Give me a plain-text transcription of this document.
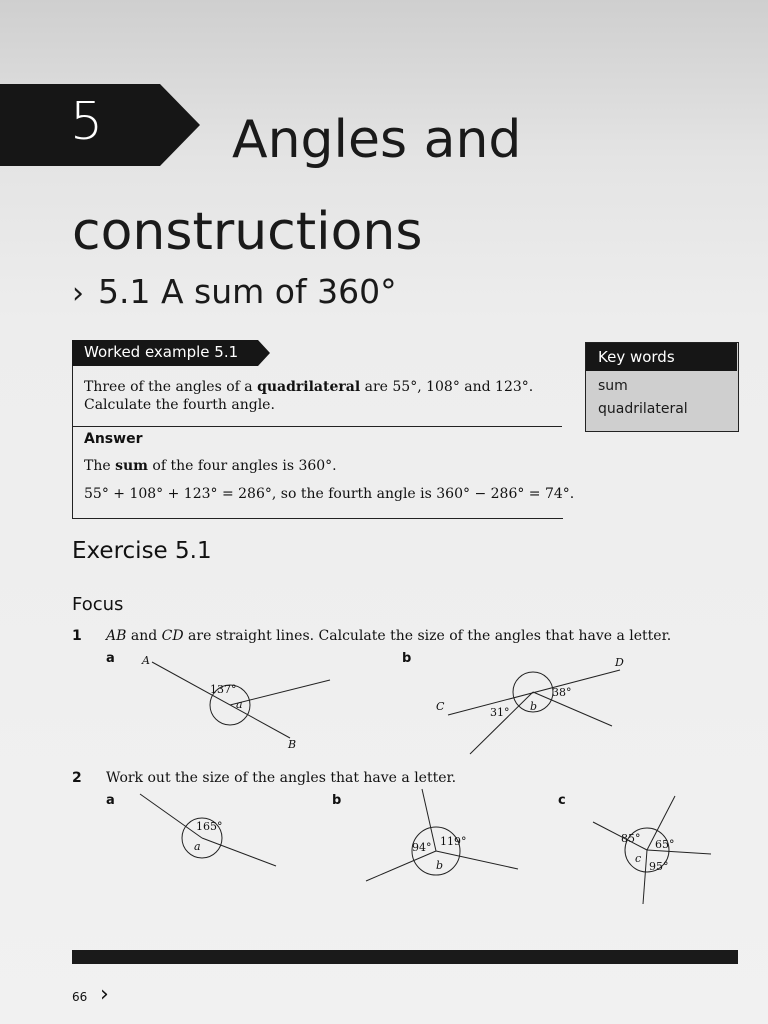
5	Angles and
constructions
› 5.1 A sum of 360°
Worked example 5.1
Three of the angles of a quadrilateral are 55°, 108° and 123°.
Calculate the fourth angle.
Answer
The sum of the four angles is 360°.
55° + 108° + 123° = 286°, so the fourth angle is 360° − 286° = 74°.
Key words
sum
quadrilateral
Exercise 5.1
Focus
1 AB and CD are straight lines. Calculate the size of the angles that have a letter.
a	b
A
B
137°
a	C
D
31°
38°
b
2 Work out the size of the angles that have a letter.
a	b	c
165°
a	94° 119°
b
85° 65°
95°
c
66 ›
